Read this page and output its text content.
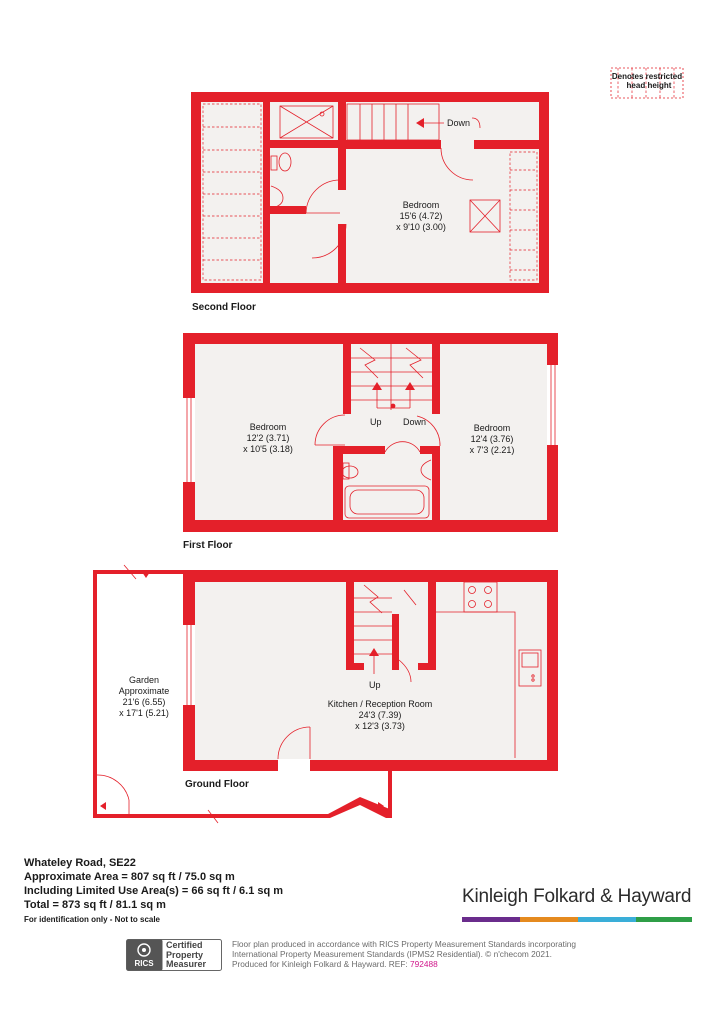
Denotes restricted
head height
Down
Bedroom
15'6 (4.72)
x 9'10 (3.00)
Second Floor
Up Down
Bedroom
12'2 (3.71)
x 10'5 (3.18)
Bedroom
12'4 (3.76)
x 7'3 (2.21)
First Floor
Up
Kitchen / Reception Room
24'3 (7.39)
x 12'3 (3.73)
Garden
Approximate
21'6 (6.55)
x 17'1 (5.21)
Ground Floor

Whateley Road, SE22

Approximate Area = 807 sq ft / 75.0 sq m

Including Limited Use Area(s) = 66 sq ft / 6.1 sq m

Total = 873 sq ft / 81.1 sq m

For identification only - Not to scale
Kinleigh Folkard & Hayward
RICS
Certified
Property
Measurer
Floor plan produced in accordance with RICS Property Measurement Standards incorporating
International Property Measurement Standards (IPMS2 Residential). © n'checom 2021.
Produced for Kinleigh Folkard & Hayward. REF: 792488
